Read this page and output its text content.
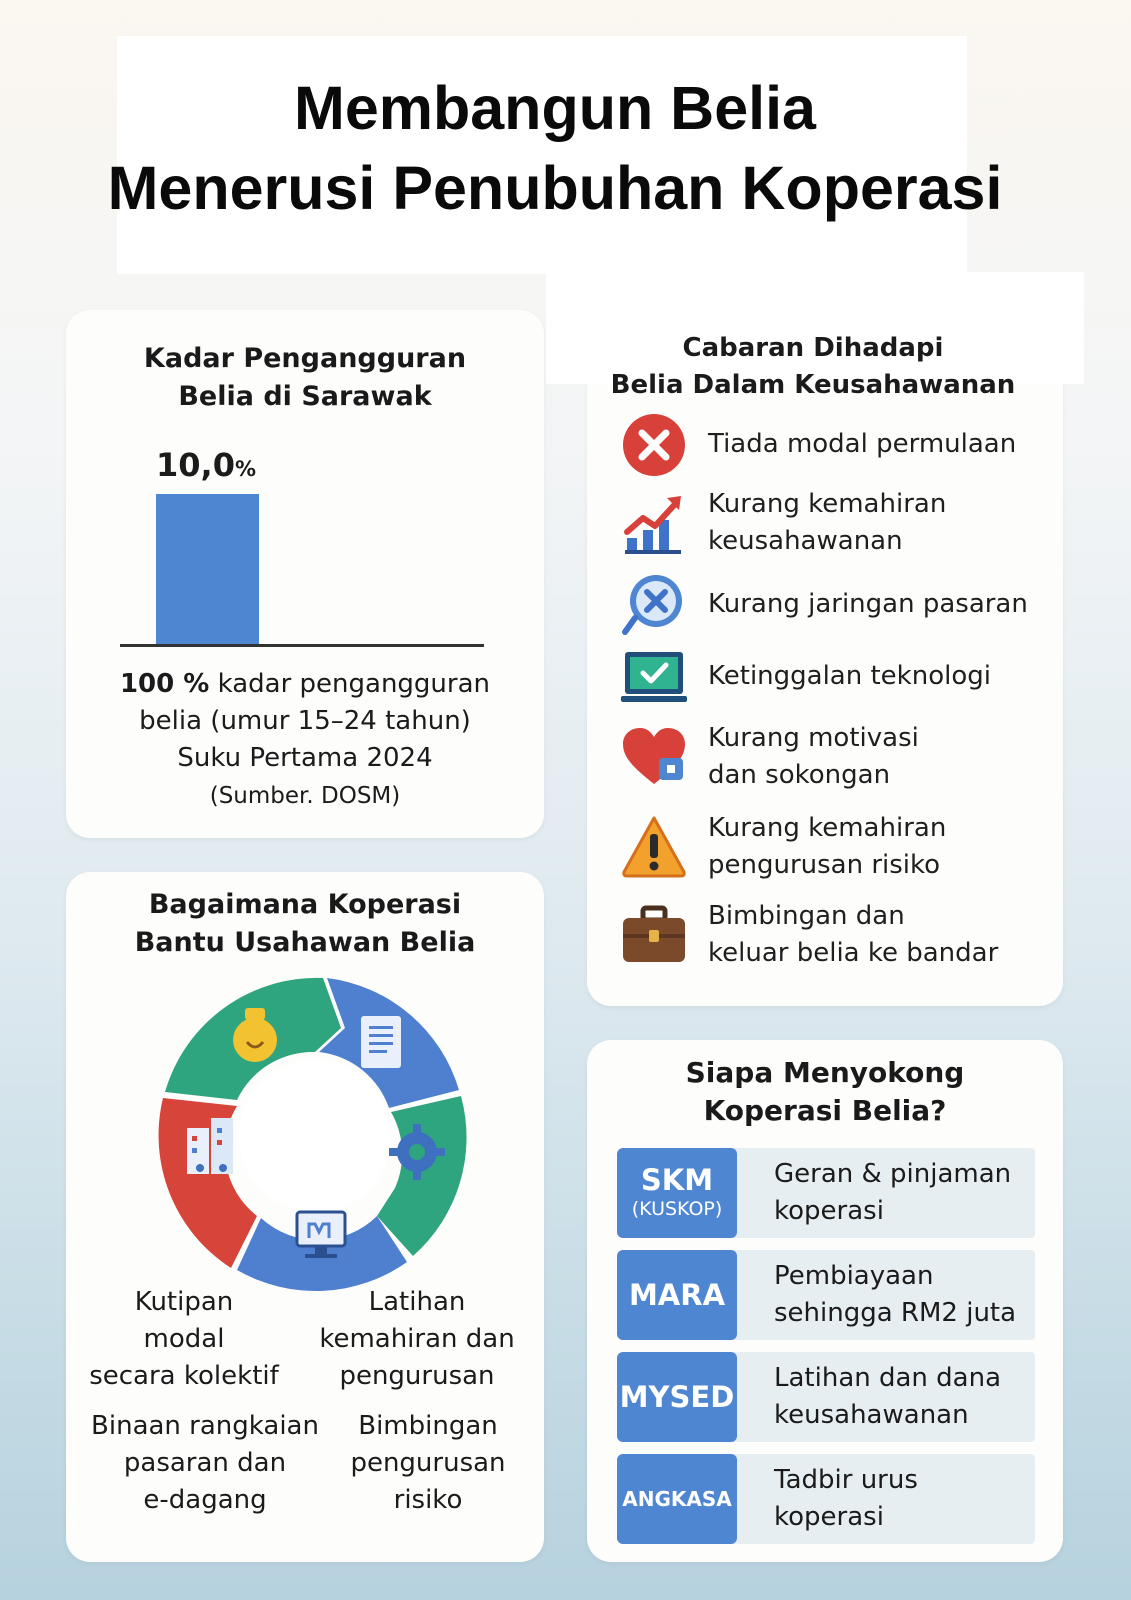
Membangun Belia
Menerusi Penubuhan Koperasi
Kadar Pengangguran
Belia di Sarawak
10,0%
100 % kadar pengangguran
belia (umur 15–24 tahun)
Suku Pertama 2024
(Sumber. DOSM)
Tiada modal permulaan
Kurang kemahiran
keusahawanan
Kurang jaringan pasaran
Ketinggalan teknologi
Kurang motivasi
dan sokongan
Kurang kemahiran
pengurusan risiko
Bimbingan dan
keluar belia ke bandar
Cabaran Dihadapi
Belia Dalam Keusahawanan
Bagaimana Koperasi
Bantu Usahawan Belia
Kutipan
modal
secara kolektif
Latihan
kemahiran dan
pengurusan
Binaan rangkaian
pasaran dan
e-dagang
Bimbingan
pengurusan
risiko
Siapa Menyokong
Koperasi Belia?
SKM
(KUSKOP)
Geran & pinjaman
koperasi
MARA
Pembiayaan
sehingga RM2 juta
MYSED
Latihan dan dana
keusahawanan
ANGKASA
Tadbir urus
koperasi
